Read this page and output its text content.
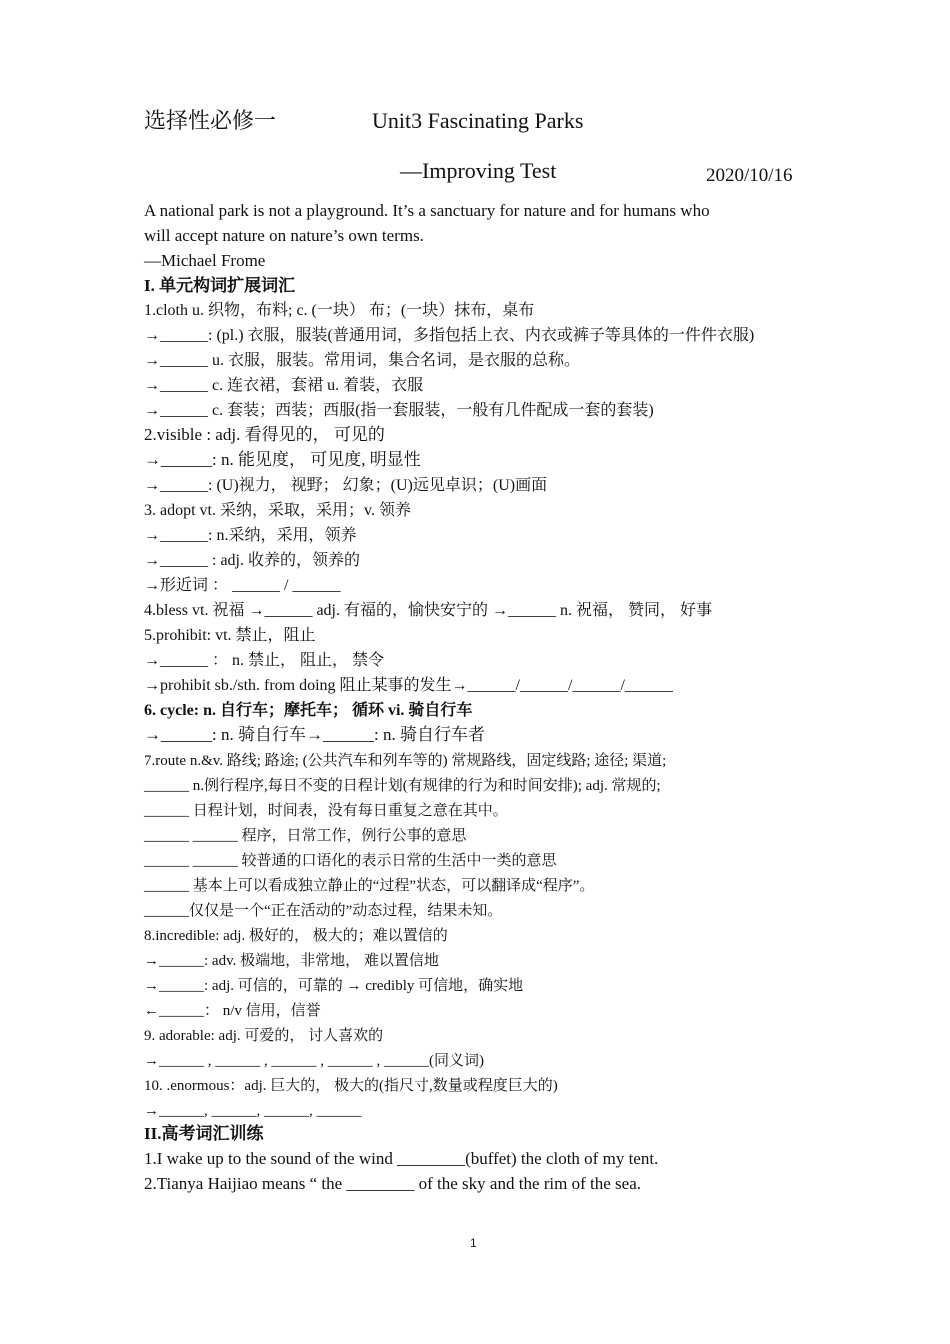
选择性必修一	Unit3 Fascinating Parks
—Improving Test	2020/10/16
A national park is not a playground. It’s a sanctuary for nature and for humans who
will accept nature on nature’s own terms.
—Michael Frome
I. 单元构词扩展词汇
1.cloth u. 织物，布料; c. (一块） 布；(一块）抹布，桌布
→______: (pl.) 衣服，服装(普通用词，多指包括上衣、内衣或裤子等具体的一件件衣服)
→______ u. 衣服，服装。常用词，集合名词，是衣服的总称。
→______ c. 连衣裙，套裙 u. 着装，衣服
→______ c. 套装；西装；西服(指一套服装，一般有几件配成一套的套装)
2.visible : adj. 看得见的， 可见的
→______: n. 能见度， 可见度, 明显性
→______: (U)视力， 视野； 幻象；(U)远见卓识；(U)画面
3. adopt vt. 采纳，采取，采用；v. 领养
→______: n.采纳，采用，领养
→______ : adj. 收养的，领养的
→形近词 ： ______ / ______
4.bless vt. 祝福 →______ adj. 有福的，愉快安宁的 →______ n. 祝福， 赞同， 好事
5.prohibit: vt. 禁止，阻止
→______ ： n. 禁止， 阻止， 禁令
→prohibit sb./sth. from doing 阻止某事的发生→______/______/______/______
6. cycle: n. 自行车；摩托车； 循环 vi. 骑自行车
→______: n. 骑自行车→______: n. 骑自行车者
7.route n.&v. 路线; 路途; (公共汽车和列车等的) 常规路线，固定线路; 途径; 渠道;
______ n.例行程序,每日不变的日程计划(有规律的行为和时间安排); adj. 常规的;
______ 日程计划，时间表，没有每日重复之意在其中。
______ ______ 程序，日常工作，例行公事的意思
______ ______ 较普通的口语化的表示日常的生活中一类的意思
______ 基本上可以看成独立静止的“过程”状态，可以翻译成“程序”。
______仅仅是一个“正在活动的”动态过程，结果未知。
8.incredible: adj. 极好的， 极大的；难以置信的
→______: adv. 极端地，非常地， 难以置信地
→______: adj. 可信的，可靠的 → credibly 可信地，确实地
←______： n/v 信用，信誉
9. adorable: adj. 可爱的， 讨人喜欢的
→______ , ______ , ______ , ______ , ______(同义词)
10. .enormous：adj. 巨大的， 极大的(指尺寸,数量或程度巨大的)
→______, ______, ______, ______
II.高考词汇训练
1.I wake up to the sound of the wind ________(buffet) the cloth of my tent.
2.Tianya Haijiao means “ the ________ of the sky and the rim of the sea.
1
